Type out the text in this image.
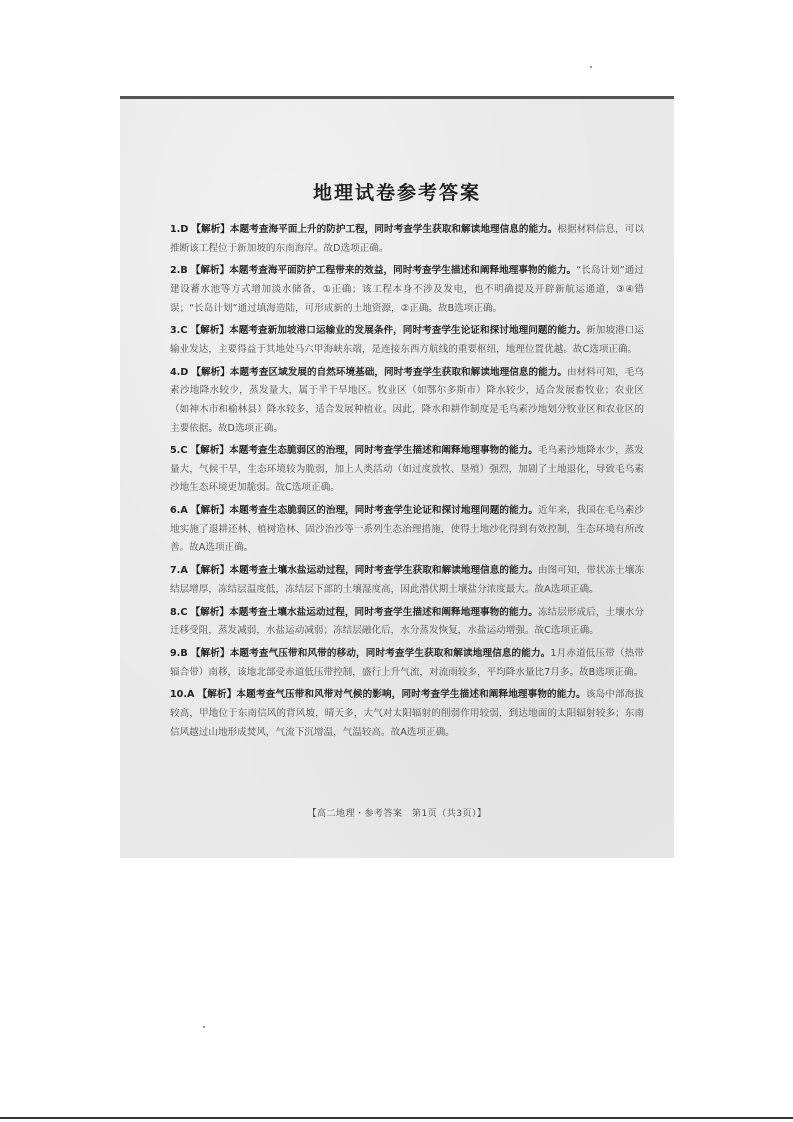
地理试卷参考答案

1.D 【解析】本题考查海平面上升的防护工程，同时考查学生获取和解读地理信息的能力。根据材料信息，可以推断该工程位于新加坡的东南海岸。故D选项正确。

2.B 【解析】本题考查海平面防护工程带来的效益，同时考查学生描述和阐释地理事物的能力。“长岛计划”通过建设蓄水池等方式增加淡水储备，①正确；该工程本身不涉及发电，也不明确提及开辟新航运通道，③④错误；“长岛计划”通过填海造陆，可形成新的土地资源，②正确。故B选项正确。

3.C 【解析】本题考查新加坡港口运输业的发展条件，同时考查学生论证和探讨地理问题的能力。新加坡港口运输业发达，主要得益于其地处马六甲海峡东端，是连接东西方航线的重要枢纽，地理位置优越。故C选项正确。

4.D 【解析】本题考查区域发展的自然环境基础，同时考查学生获取和解读地理信息的能力。由材料可知，毛乌素沙地降水较少，蒸发量大，属于半干旱地区。牧业区（如鄂尔多斯市）降水较少，适合发展畜牧业；农业区（如神木市和榆林县）降水较多，适合发展种植业。因此，降水和耕作制度是毛乌素沙地划分牧业区和农业区的主要依据。故D选项正确。

5.C 【解析】本题考查生态脆弱区的治理，同时考查学生描述和阐释地理事物的能力。毛乌素沙地降水少，蒸发量大，气候干旱，生态环境较为脆弱，加上人类活动（如过度放牧、垦殖）强烈，加剧了土地退化，导致毛乌素沙地生态环境更加脆弱。故C选项正确。

6.A 【解析】本题考查生态脆弱区的治理，同时考查学生论证和探讨地理问题的能力。近年来，我国在毛乌素沙地实施了退耕还林、植树造林、固沙治沙等一系列生态治理措施，使得土地沙化得到有效控制，生态环境有所改善。故A选项正确。

7.A 【解析】本题考查土壤水盐运动过程，同时考查学生获取和解读地理信息的能力。由图可知，带状冻土壤冻结层增厚，冻结层温度低，冻结层下部的土壤湿度高，因此潜伏期土壤盐分浓度最大。故A选项正确。

8.C 【解析】本题考查土壤水盐运动过程，同时考查学生描述和阐释地理事物的能力。冻结层形成后，土壤水分迁移受阻，蒸发减弱，水盐运动减弱；冻结层融化后，水分蒸发恢复，水盐运动增强。故C选项正确。

9.B 【解析】本题考查气压带和风带的移动，同时考查学生获取和解读地理信息的能力。1月赤道低压带（热带辐合带）南移，该地北部受赤道低压带控制，盛行上升气流，对流雨较多，平均降水量比7月多。故B选项正确。

10.A 【解析】本题考查气压带和风带对气候的影响，同时考查学生描述和阐释地理事物的能力。该岛中部海拔较高，甲地位于东南信风的背风坡，晴天多，大气对太阳辐射的削弱作用较弱，到达地面的太阳辐射较多；东南信风越过山地形成焚风，气流下沉增温，气温较高。故A选项正确。

【高二地理・参考答案　第1页（共3页）】
